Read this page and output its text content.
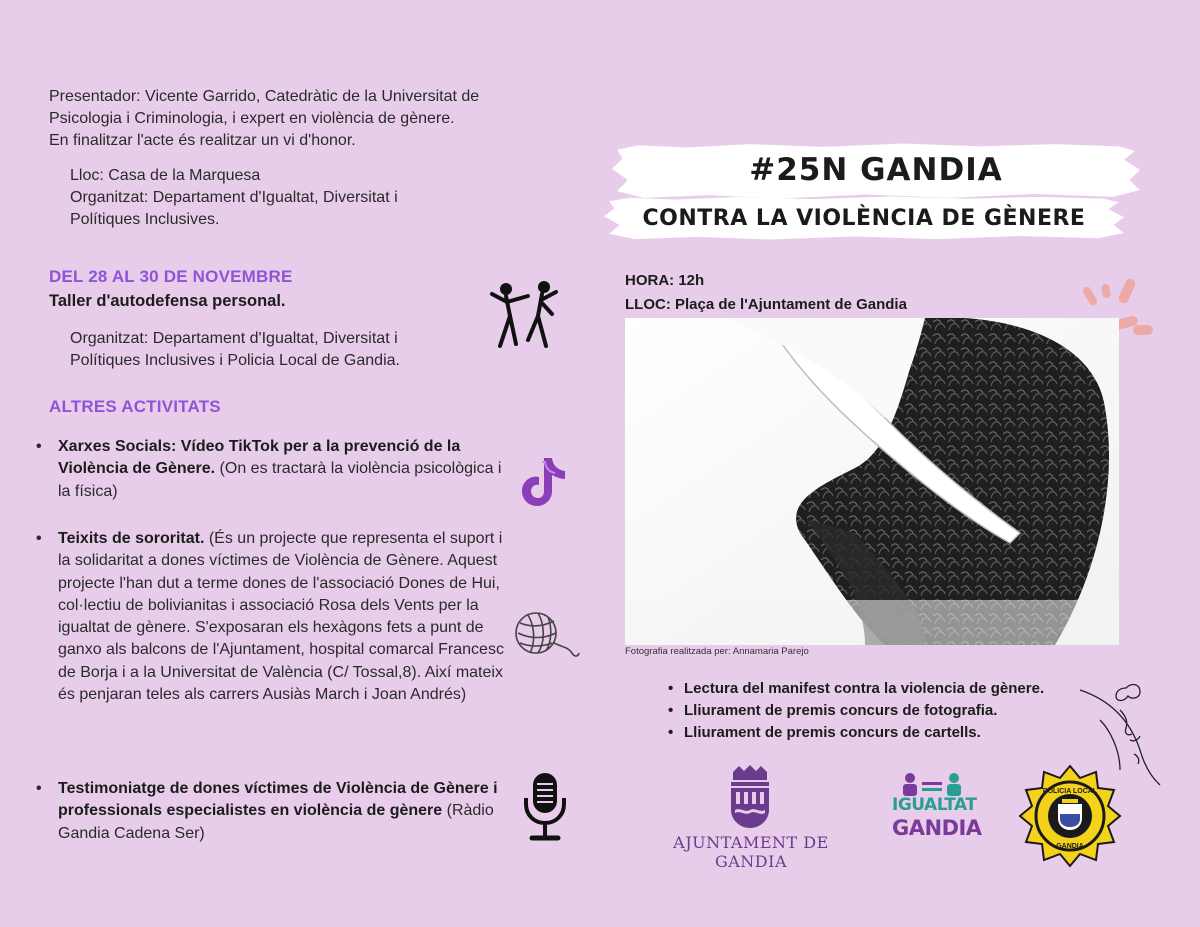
Presentador: Vicente Garrido, Catedràtic de la Universitat de
Psicologia i Criminologia, i expert en violència de gènere.
En finalitzar l'acte és realitzar un vi d'honor.
Lloc: Casa de la Marquesa
Organitzat: Departament d'Igualtat, Diversitat i
Polítiques Inclusives.
DEL 28 AL 30 DE NOVEMBRE
Taller d'autodefensa personal.
Organitzat: Departament d'Igualtat, Diversitat i
Polítiques Inclusives i Policia Local de Gandia.
ALTRES ACTIVITATS
• Xarxes Socials: Vídeo TikTok per a la prevenció de la Violència de Gènere. (On es tractarà la violència psicològica i la física)
• Teixits de sororitat. (És un projecte que representa el suport i la solidaritat a dones víctimes de Violència de Gènere. Aquest projecte l'han dut a terme dones de l'associació Dones de Hui, col·lectiu de bolivianitas i associació Rosa dels Vents per la igualtat de gènere. S'exposaran els hexàgons fets a punt de ganxo als balcons de l'Ajuntament, hospital comarcal Francesc de Borja i a la Universitat de València (C/ Tossal,8). Així mateix és penjaran teles als carrers Ausiàs March i Joan Andrés)
• Testimoniatge de dones víctimes de Violència de Gènere i professionals especialistes en violència de gènere (Ràdio Gandia Cadena Ser)
#25N GANDIA
CONTRA LA VIOLÈNCIA DE GÈNERE
HORA: 12h
LLOC: Plaça de l'Ajuntament de Gandia
Fotografia realitzada per: Annamaria Parejo
• Lectura del manifest contra la violencia de gènere.
• Lliurament de premis concurs de fotografia.
• Lliurament de premis concurs de cartells.
AJUNTAMENT DE GANDIA
IGUALTAT
GANDIA
POLICIA LOCAL
GANDIA
